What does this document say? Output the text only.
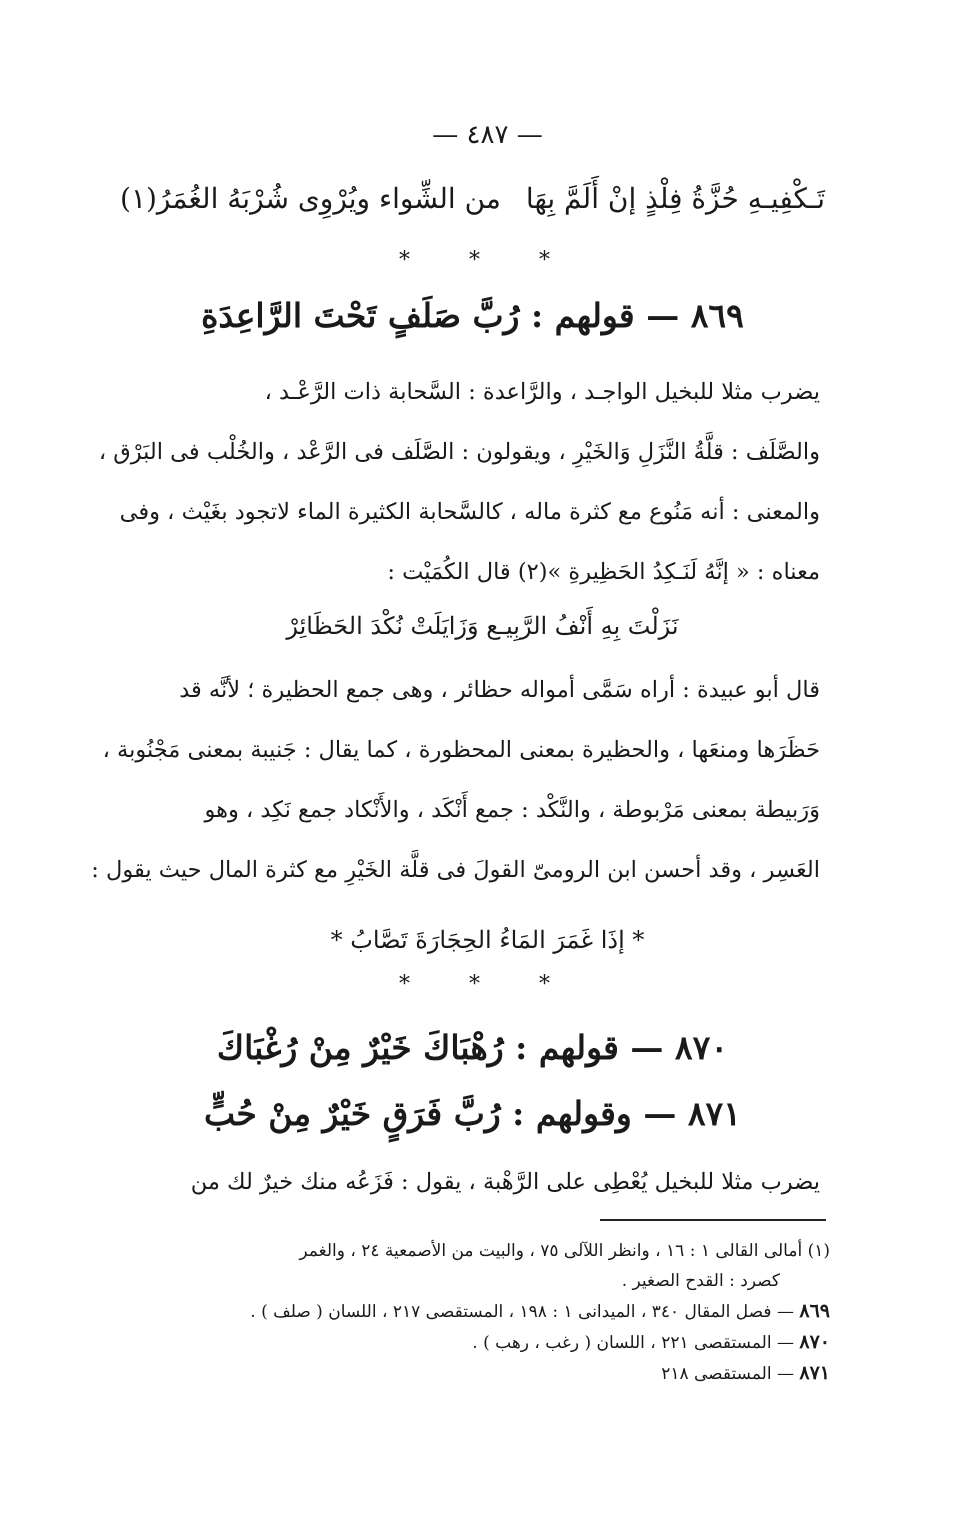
— ٤٨٧ —
تَـكْفِيـهِ حُزَّةُ فِلْذٍ إنْ أَلَمَّ بِهَا
من الشِّواء ويُرْوِى شُرْبَهُ الغُمَرُ(١)
* * *
٨٦٩ — قولهم : رُبَّ صَلَفٍ تَحْتَ الرَّاعِدَةِ

يضرب مثلا للبخيل الواجـد ، والرَّاعدة : السَّحابة ذات الرَّعْـد ،

والصَّلَف : قلَّةُ النَّزَلِ وَالخَيْرِ ، ويقولون : الصَّلَف فى الرَّعْد ، والخُلْب فى البَرْق ،

والمعنى : أنه مَنُوع مع كثرة ماله ، كالسَّحابة الكثيرة الماء لاتجود بغَيْث ، وفى

معناه : « إنَّهُ لَنَـكِدُ الحَظِيرةِ »(٢) قال الكُمَيْت :

نَزَلْتَ بِهِ أَنْفُ الرَّبِيـع وَزَايَلَتْ نُكْدَ الحَظَائِرْ

قال أبو عبيدة : أراه سَمَّى أمواله حظائر ، وهى جمع الحظيرة ؛ لأنَّه قد

حَظَرَها ومنعَها ، والحظيرة بمعنى المحظورة ، كما يقال : جَنيبة بمعنى مَجْنُوبة ،

وَرَبيطة بمعنى مَرْبوطة ، والنَّكْد : جمع أَنْكَد ، والأَنْكاد جمع نَكِد ، وهو

العَسِر ، وقد أحسن ابن الرومىّ القولَ فى قلَّة الخَيْرِ مع كثرة المال حيث يقول :

* إذَا غَمَرَ المَاءُ الحِجَارَةَ تَصَّابُ *
* * *
٨٧٠ — قولهم : رُهْبَاكَ خَيْرٌ مِنْ رُغْبَاكَ
٨٧١ — وقولهم : رُبَّ فَرَقٍ خَيْرٌ مِنْ حُبٍّ

يضرب مثلا للبخيل يُعْطِى على الرَّهْبة ، يقول : فَزَعُه منك خيرٌ لك من

(١) أمالى القالى ١ : ١٦ ، وانظر اللآلى ٧٥ ، والبيت من الأصمعية ٢٤ ، والغمر

كصرد : القدح الصغير .

٨٦٩ — فصل المقال ٣٤٠ ، الميدانى ١ : ١٩٨ ، المستقصى ٢١٧ ، اللسان ( صلف ) .

٨٧٠ — المستقصى ٢٢١ ، اللسان ( رغب ، رهب ) .

٨٧١ — المستقصى ٢١٨
